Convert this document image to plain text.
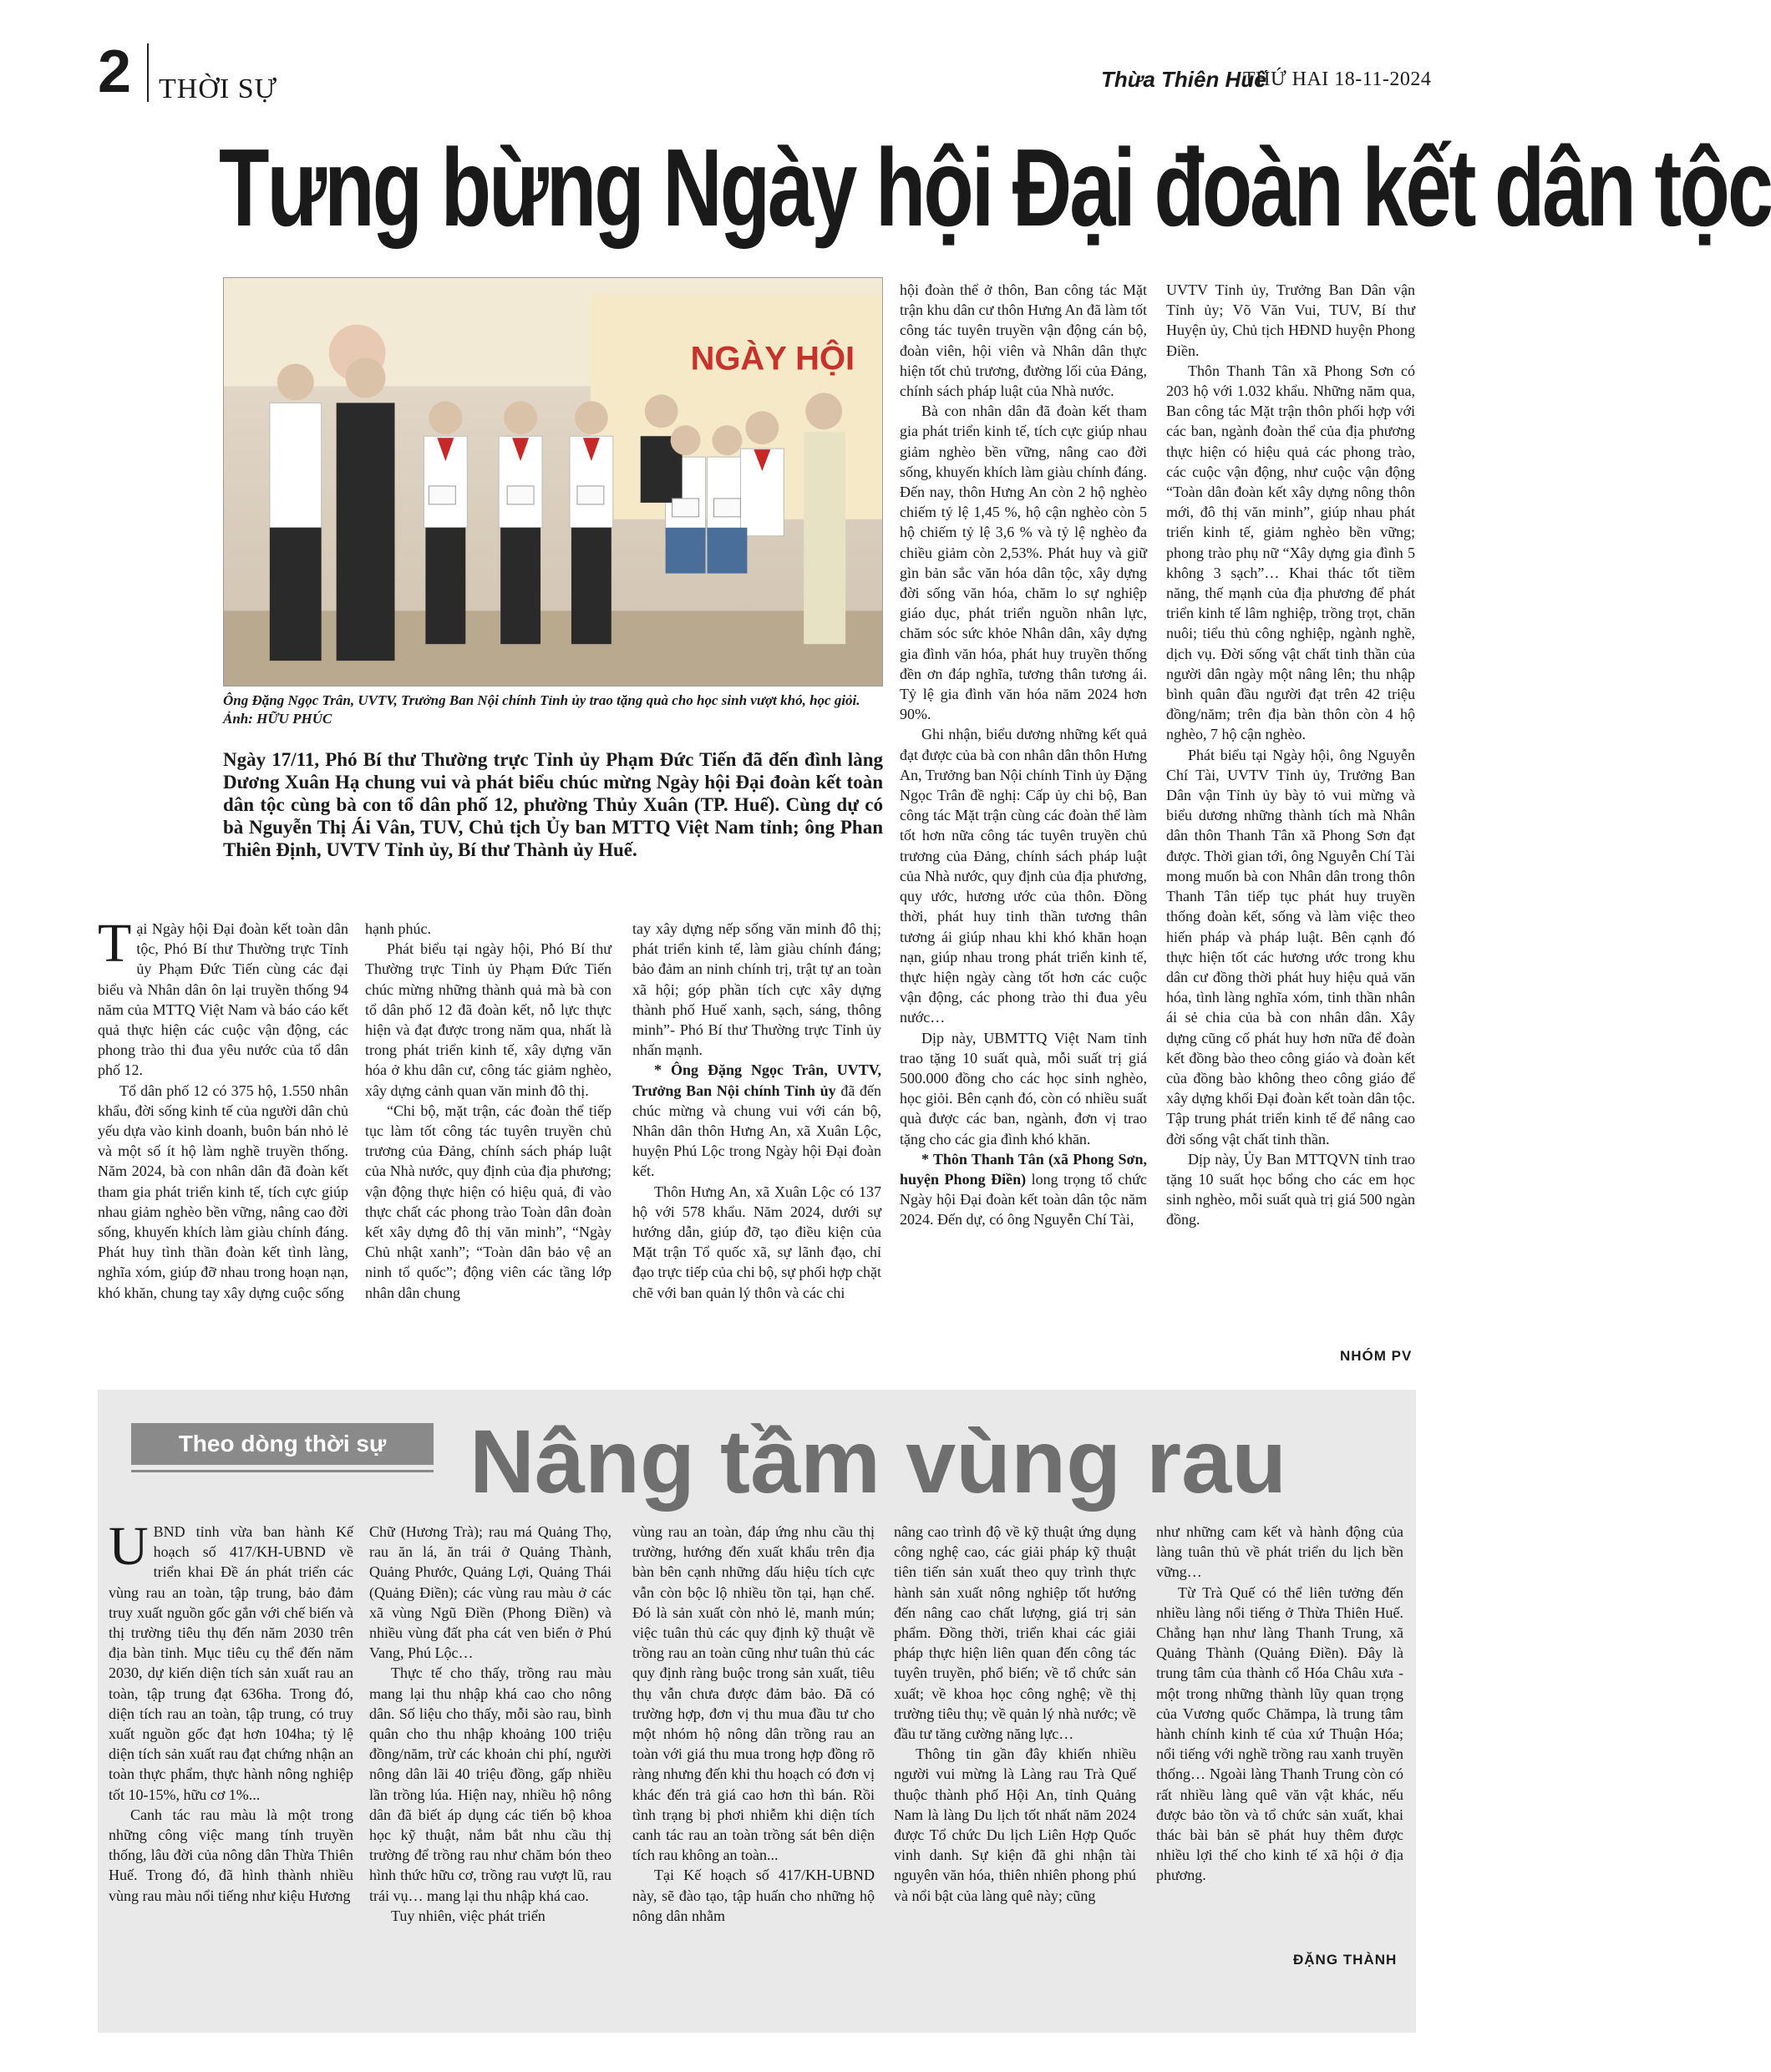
2 THỜI SỰ	Thừa Thiên Huế
THỨ HAI 18-11-2024
Tưng bừng Ngày hội Đại đoàn kết dân tộc
NGÀY HỘI
Ông Đặng Ngọc Trân, UVTV, Trưởng Ban Nội chính Tỉnh ủy trao tặng quà cho học sinh vượt khó, học giỏi. Ảnh: HỮU PHÚC
Ngày 17/11, Phó Bí thư Thường trực Tỉnh ủy Phạm Đức Tiến đã đến đình làng Dương Xuân Hạ chung vui và phát biểu chúc mừng Ngày hội Đại đoàn kết toàn dân tộc cùng bà con tổ dân phố 12, phường Thủy Xuân (TP. Huế). Cùng dự có bà Nguyễn Thị Ái Vân, TUV, Chủ tịch Ủy ban MTTQ Việt Nam tỉnh; ông Phan Thiên Định, UVTV Tỉnh ủy, Bí thư Thành ủy Huế.

Tại Ngày hội Đại đoàn kết toàn dân tộc, Phó Bí thư Thường trực Tỉnh ủy Phạm Đức Tiến cùng các đại biểu và Nhân dân ôn lại truyền thống 94 năm của MTTQ Việt Nam và báo cáo kết quả thực hiện các cuộc vận động, các phong trào thi đua yêu nước của tổ dân phố 12.

Tổ dân phố 12 có 375 hộ, 1.550 nhân khẩu, đời sống kinh tế của người dân chủ yếu dựa vào kinh doanh, buôn bán nhỏ lẻ và một số ít hộ làm nghề truyền thống. Năm 2024, bà con nhân dân đã đoàn kết tham gia phát triển kinh tế, tích cực giúp nhau giảm nghèo bền vững, nâng cao đời sống, khuyến khích làm giàu chính đáng. Phát huy tình thần đoàn kết tình làng, nghĩa xóm, giúp đỡ nhau trong hoạn nạn, khó khăn, chung tay xây dựng cuộc sống

hạnh phúc.

Phát biểu tại ngày hội, Phó Bí thư Thường trực Tỉnh ủy Phạm Đức Tiến chúc mừng những thành quả mà bà con tổ dân phố 12 đã đoàn kết, nỗ lực thực hiện và đạt được trong năm qua, nhất là trong phát triển kinh tế, xây dựng văn hóa ở khu dân cư, công tác giảm nghèo, xây dựng cảnh quan văn minh đô thị.

“Chi bộ, mặt trận, các đoàn thể tiếp tục làm tốt công tác tuyên truyền chủ trương của Đảng, chính sách pháp luật của Nhà nước, quy định của địa phương; vận động thực hiện có hiệu quả, đi vào thực chất các phong trào Toàn dân đoàn kết xây dựng đô thị văn minh”, “Ngày Chủ nhật xanh”; “Toàn dân bảo vệ an ninh tổ quốc”; động viên các tầng lớp nhân dân chung

tay xây dựng nếp sống văn minh đô thị; phát triển kinh tế, làm giàu chính đáng; bảo đảm an ninh chính trị, trật tự an toàn xã hội; góp phần tích cực xây dựng thành phố Huế xanh, sạch, sáng, thông minh”- Phó Bí thư Thường trực Tỉnh ủy nhấn mạnh.

* Ông Đặng Ngọc Trân, UVTV, Trưởng Ban Nội chính Tỉnh ủy đã đến chúc mừng và chung vui với cán bộ, Nhân dân thôn Hưng An, xã Xuân Lộc, huyện Phú Lộc trong Ngày hội Đại đoàn kết.

Thôn Hưng An, xã Xuân Lộc có 137 hộ với 578 khẩu. Năm 2024, dưới sự hướng dẫn, giúp đỡ, tạo điều kiện của Mặt trận Tổ quốc xã, sự lãnh đạo, chỉ đạo trực tiếp của chi bộ, sự phối hợp chặt chẽ với ban quản lý thôn và các chi

hội đoàn thể ở thôn, Ban công tác Mặt trận khu dân cư thôn Hưng An đã làm tốt công tác tuyên truyền vận động cán bộ, đoàn viên, hội viên và Nhân dân thực hiện tốt chủ trương, đường lối của Đảng, chính sách pháp luật của Nhà nước.

Bà con nhân dân đã đoàn kết tham gia phát triển kinh tế, tích cực giúp nhau giảm nghèo bền vững, nâng cao đời sống, khuyến khích làm giàu chính đáng. Đến nay, thôn Hưng An còn 2 hộ nghèo chiếm tỷ lệ 1,45 %, hộ cận nghèo còn 5 hộ chiếm tỷ lệ 3,6 % và tỷ lệ nghèo đa chiều giảm còn 2,53%. Phát huy và giữ gìn bản sắc văn hóa dân tộc, xây dựng đời sống văn hóa, chăm lo sự nghiệp giáo dục, phát triển nguồn nhân lực, chăm sóc sức khỏe Nhân dân, xây dựng gia đình văn hóa, phát huy truyền thống đền ơn đáp nghĩa, tương thân tương ái. Tỷ lệ gia đình văn hóa năm 2024 hơn 90%.

Ghi nhận, biểu dương những kết quả đạt được của bà con nhân dân thôn Hưng An, Trưởng ban Nội chính Tỉnh ủy Đặng Ngọc Trân đề nghị: Cấp ủy chi bộ, Ban công tác Mặt trận cùng các đoàn thể làm tốt hơn nữa công tác tuyên truyền chủ trương của Đảng, chính sách pháp luật của Nhà nước, quy định của địa phương, quy ước, hương ước của thôn. Đồng thời, phát huy tinh thần tương thân tương ái giúp nhau khi khó khăn hoạn nạn, giúp nhau trong phát triển kinh tế, thực hiện ngày càng tốt hơn các cuộc vận động, các phong trào thi đua yêu nước…

Dịp này, UBMTTQ Việt Nam tỉnh trao tặng 10 suất quà, mỗi suất trị giá 500.000 đồng cho các học sinh nghèo, học giỏi. Bên cạnh đó, còn có nhiều suất quà được các ban, ngành, đơn vị trao tặng cho các gia đình khó khăn.

* Thôn Thanh Tân (xã Phong Sơn, huyện Phong Điền) long trọng tổ chức Ngày hội Đại đoàn kết toàn dân tộc năm 2024. Đến dự, có ông Nguyễn Chí Tài,

UVTV Tỉnh ủy, Trưởng Ban Dân vận Tỉnh ủy; Võ Văn Vui, TUV, Bí thư Huyện ủy, Chủ tịch HĐND huyện Phong Điền.

Thôn Thanh Tân xã Phong Sơn có 203 hộ với 1.032 khẩu. Những năm qua, Ban công tác Mặt trận thôn phối hợp với các ban, ngành đoàn thể của địa phương thực hiện có hiệu quả các phong trào, các cuộc vận động, như cuộc vận động “Toàn dân đoàn kết xây dựng nông thôn mới, đô thị văn minh”, giúp nhau phát triển kinh tế, giảm nghèo bền vững; phong trào phụ nữ “Xây dựng gia đình 5 không 3 sạch”… Khai thác tốt tiềm năng, thế mạnh của địa phương để phát triển kinh tế lâm nghiệp, trồng trọt, chăn nuôi; tiểu thủ công nghiệp, ngành nghề, dịch vụ. Đời sống vật chất tinh thần của người dân ngày một nâng lên; thu nhập bình quân đầu người đạt trên 42 triệu đồng/năm; trên địa bàn thôn còn 4 hộ nghèo, 7 hộ cận nghèo.

Phát biểu tại Ngày hội, ông Nguyễn Chí Tài, UVTV Tỉnh ủy, Trưởng Ban Dân vận Tỉnh ủy bày tỏ vui mừng và biểu dương những thành tích mà Nhân dân thôn Thanh Tân xã Phong Sơn đạt được. Thời gian tới, ông Nguyễn Chí Tài mong muốn bà con Nhân dân trong thôn Thanh Tân tiếp tục phát huy truyền thống đoàn kết, sống và làm việc theo hiến pháp và pháp luật. Bên cạnh đó thực hiện tốt các hương ước trong khu dân cư đồng thời phát huy hiệu quả văn hóa, tình làng nghĩa xóm, tinh thần nhân ái sẻ chia của bà con nhân dân. Xây dựng cũng cố phát huy hơn nữa để đoàn kết đồng bào theo công giáo và đoàn kết của đồng bào không theo công giáo để xây dựng khối Đại đoàn kết toàn dân tộc. Tập trung phát triển kinh tế để nâng cao đời sống vật chất tinh thần.

Dịp này, Ủy Ban MTTQVN tỉnh trao tặng 10 suất học bổng cho các em học sinh nghèo, mỗi suất quà trị giá 500 ngàn đồng.

NHÓM PV
Theo dòng thời sự Nâng tầm vùng rau

UBND tỉnh vừa ban hành Kế hoạch số 417/KH-UBND về triển khai Đề án phát triển các vùng rau an toàn, tập trung, bảo đảm truy xuất nguồn gốc gắn với chế biến và thị trường tiêu thụ đến năm 2030 trên địa bàn tỉnh. Mục tiêu cụ thể đến năm 2030, dự kiến diện tích sản xuất rau an toàn, tập trung đạt 636ha. Trong đó, diện tích rau an toàn, tập trung, có truy xuất nguồn gốc đạt hơn 104ha; tỷ lệ diện tích sản xuất rau đạt chứng nhận an toàn thực phẩm, thực hành nông nghiệp tốt 10-15%, hữu cơ 1%...

Canh tác rau màu là một trong những công việc mang tính truyền thống, lâu đời của nông dân Thừa Thiên Huế. Trong đó, đã hình thành nhiều vùng rau màu nổi tiếng như kiệu Hương

Chữ (Hương Trà); rau má Quảng Thọ, rau ăn lá, ăn trái ở Quảng Thành, Quảng Phước, Quảng Lợi, Quảng Thái (Quảng Điền); các vùng rau màu ở các xã vùng Ngũ Điền (Phong Điền) và nhiều vùng đất pha cát ven biển ở Phú Vang, Phú Lộc…

Thực tế cho thấy, trồng rau màu mang lại thu nhập khá cao cho nông dân. Số liệu cho thấy, mỗi sào rau, bình quân cho thu nhập khoảng 100 triệu đồng/năm, trừ các khoản chi phí, người nông dân lãi 40 triệu đồng, gấp nhiều lần trồng lúa. Hiện nay, nhiều hộ nông dân đã biết áp dụng các tiến bộ khoa học kỹ thuật, nắm bắt nhu cầu thị trường để trồng rau như chăm bón theo hình thức hữu cơ, trồng rau vượt lũ, rau trái vụ… mang lại thu nhập khá cao.

Tuy nhiên, việc phát triển

vùng rau an toàn, đáp ứng nhu cầu thị trường, hướng đến xuất khẩu trên địa bàn bên cạnh những dấu hiệu tích cực vẫn còn bộc lộ nhiều tồn tại, hạn chế. Đó là sản xuất còn nhỏ lẻ, manh mún; việc tuân thủ các quy định kỹ thuật về trồng rau an toàn cũng như tuân thủ các quy định ràng buộc trong sản xuất, tiêu thụ vẫn chưa được đảm bảo. Đã có trường hợp, đơn vị thu mua đầu tư cho một nhóm hộ nông dân trồng rau an toàn với giá thu mua trong hợp đồng rõ ràng nhưng đến khi thu hoạch có đơn vị khác đến trả giá cao hơn thì bán. Rồi tình trạng bị phơi nhiễm khi diện tích canh tác rau an toàn trồng sát bên diện tích rau không an toàn...

Tại Kế hoạch số 417/KH-UBND này, sẽ đào tạo, tập huấn cho những hộ nông dân nhằm

nâng cao trình độ về kỹ thuật ứng dụng công nghệ cao, các giải pháp kỹ thuật tiên tiến sản xuất theo quy trình thực hành sản xuất nông nghiệp tốt hướng đến nâng cao chất lượng, giá trị sản phẩm. Đồng thời, triển khai các giải pháp thực hiện liên quan đến công tác tuyên truyền, phổ biến; về tổ chức sản xuất; về khoa học công nghệ; về thị trường tiêu thụ; về quản lý nhà nước; về đầu tư tăng cường năng lực…

Thông tin gần đây khiến nhiều người vui mừng là Làng rau Trà Quế thuộc thành phố Hội An, tỉnh Quảng Nam là làng Du lịch tốt nhất năm 2024 được Tổ chức Du lịch Liên Hợp Quốc vinh danh. Sự kiện đã ghi nhận tài nguyên văn hóa, thiên nhiên phong phú và nổi bật của làng quê này; cũng

như những cam kết và hành động của làng tuân thủ về phát triển du lịch bền vững…

Từ Trà Quế có thể liên tưởng đến nhiều làng nổi tiếng ở Thừa Thiên Huế. Chẳng hạn như làng Thanh Trung, xã Quảng Thành (Quảng Điền). Đây là trung tâm của thành cổ Hóa Châu xưa - một trong những thành lũy quan trọng của Vương quốc Chămpa, là trung tâm hành chính kinh tế của xứ Thuận Hóa; nổi tiếng với nghề trồng rau xanh truyền thống… Ngoài làng Thanh Trung còn có rất nhiều làng quê văn vật khác, nếu được bảo tồn và tổ chức sản xuất, khai thác bài bản sẽ phát huy thêm được nhiều lợi thế cho kinh tế xã hội ở địa phương.

ĐẶNG THÀNH
